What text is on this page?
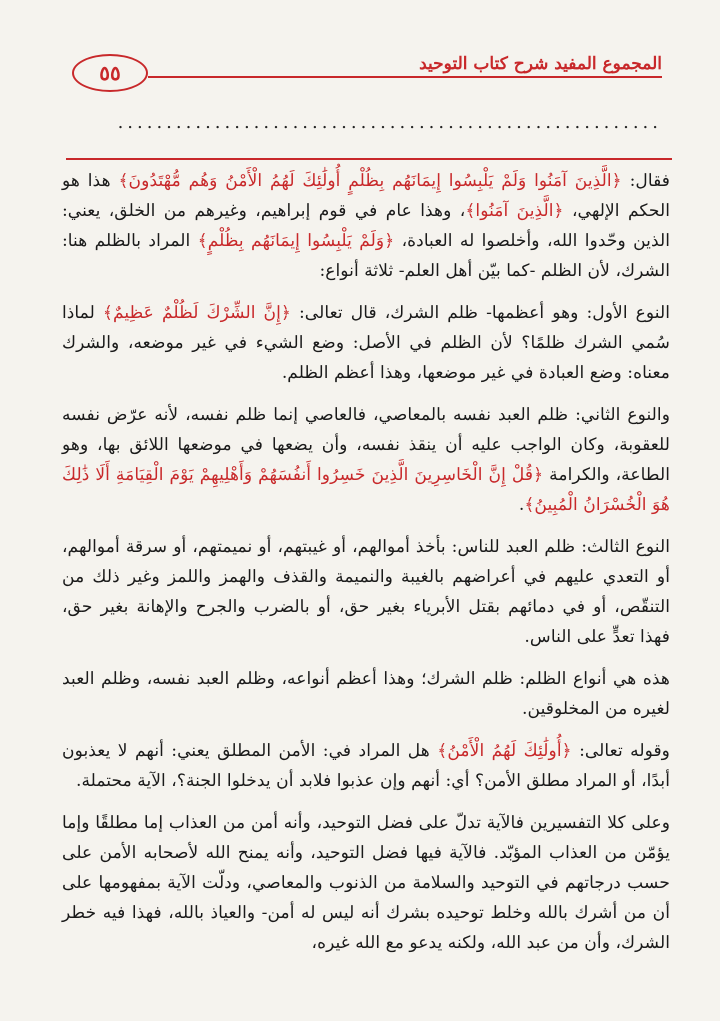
٥٥	المجموع المفيد شرح كتاب التوحيد
........................................................

فقال: ﴿الَّذِينَ آمَنُوا وَلَمْ يَلْبِسُوا إِيمَانَهُم بِظُلْمٍ أُولَٰئِكَ لَهُمُ الْأَمْنُ وَهُم مُّهْتَدُونَ﴾ هذا هو الحكم الإلهي، ﴿الَّذِينَ آمَنُوا﴾، وهذا عام في قوم إبراهيم، وغيرهم من الخلق، يعني: الذين وحّدوا الله، وأخلصوا له العبادة، ﴿وَلَمْ يَلْبِسُوا إِيمَانَهُم بِظُلْمٍ﴾ المراد بالظلم هنا: الشرك، لأن الظلم -كما بيّن أهل العلم- ثلاثة أنواع:

النوع الأول: وهو أعظمها- ظلم الشرك، قال تعالى: ﴿إِنَّ الشِّرْكَ لَظُلْمٌ عَظِيمٌ﴾ لماذا سُمي الشرك ظلمًا؟ لأن الظلم في الأصل: وضع الشيء في غير موضعه، والشرك معناه: وضع العبادة في غير موضعها، وهذا أعظم الظلم.

والنوع الثاني: ظلم العبد نفسه بالمعاصي، فالعاصي إنما ظلم نفسه، لأنه عرّض نفسه للعقوبة، وكان الواجب عليه أن ينقذ نفسه، وأن يضعها في موضعها اللائق بها، وهو الطاعة، والكرامة ﴿قُلْ إِنَّ الْخَاسِرِينَ الَّذِينَ خَسِرُوا أَنفُسَهُمْ وَأَهْلِيهِمْ يَوْمَ الْقِيَامَةِ أَلَا ذَٰلِكَ هُوَ الْخُسْرَانُ الْمُبِينُ﴾.

النوع الثالث: ظلم العبد للناس: بأخذ أموالهم، أو غيبتهم، أو نميمتهم، أو سرقة أموالهم، أو التعدي عليهم في أعراضهم بالغيبة والنميمة والقذف والهمز واللمز وغير ذلك من التنقّص، أو في دمائهم بقتل الأبرياء بغير حق، أو بالضرب والجرح والإهانة بغير حق، فهذا تعدٍّ على الناس.

هذه هي أنواع الظلم: ظلم الشرك؛ وهذا أعظم أنواعه، وظلم العبد نفسه، وظلم العبد لغيره من المخلوقين.

وقوله تعالى: ﴿أُولَٰئِكَ لَهُمُ الْأَمْنُ﴾ هل المراد في: الأمن المطلق يعني: أنهم لا يعذبون أبدًا، أو المراد مطلق الأمن؟ أي: أنهم وإن عذبوا فلابد أن يدخلوا الجنة؟، الآية محتملة.

وعلى كلا التفسيرين فالآية تدلّ على فضل التوحيد، وأنه أمن من العذاب إما مطلقًا وإما يؤمّن من العذاب المؤبّد. فالآية فيها فضل التوحيد، وأنه يمنح الله لأصحابه الأمن على حسب درجاتهم في التوحيد والسلامة من الذنوب والمعاصي، ودلّت الآية بمفهومها على أن من أشرك بالله وخلط توحيده بشرك أنه ليس له أمن- والعياذ بالله، فهذا فيه خطر الشرك، وأن من عبد الله، ولكنه يدعو مع الله غيره،
